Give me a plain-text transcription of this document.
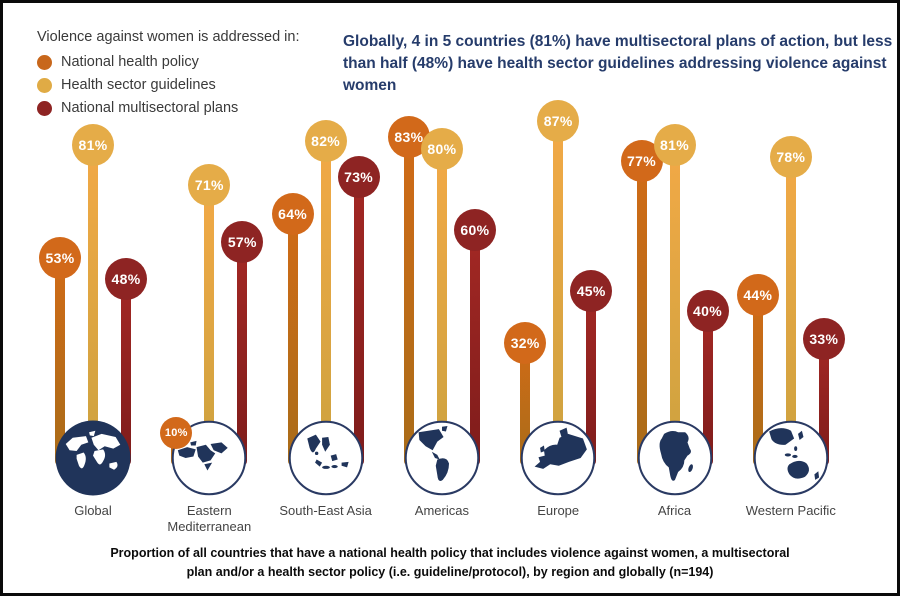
Violence against women is addressed in:
National health policy
Health sector guidelines
National multisectoral plans
Globally, 4 in 5 countries (81%) have multisectoral plans of action, but less than half (48%) have health sector guidelines addressing violence against women
53%
81%
48%
Global
10%
71%
57%
Eastern Mediterranean
64%
82%
73%
South-East Asia
83%
80%
60%
Americas
32%
87%
45%
Europe
77%
81%
40%
Africa
44%
78%
33%
Western Pacific
Proportion of all countries that have a national health policy that includes violence against women, a multisectoral plan and/or a health sector policy (i.e. guideline/protocol), by region and globally (n=194)
